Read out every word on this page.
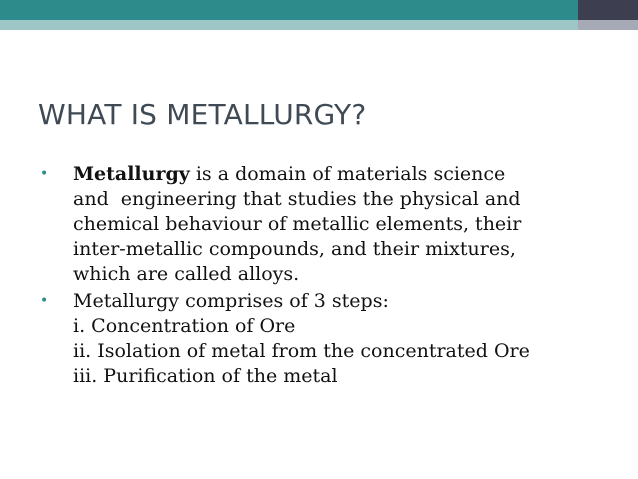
WHAT IS METALLURGY?
• Metallurgy is a domain of materials science
and  engineering that studies the physical and
chemical behaviour of metallic elements, their
inter-metallic compounds, and their mixtures,
which are called alloys.
• Metallurgy comprises of 3 steps:
i. Concentration of Ore
ii. Isolation of metal from the concentrated Ore
iii. Purification of the metal
